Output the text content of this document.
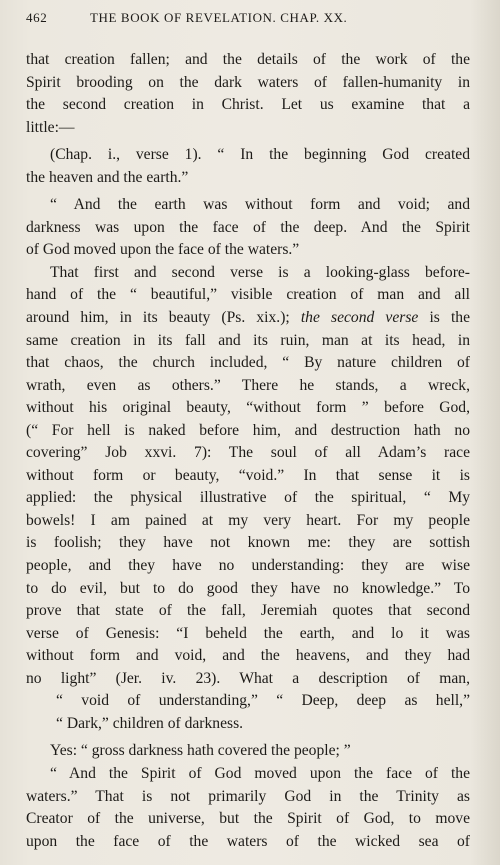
462	THE BOOK OF REVELATION. CHAP. XX.
that creation fallen; and the details of the work of the
Spirit brooding on the dark waters of fallen-humanity in
the second creation in Christ. Let us examine that a
little:—
(Chap. i., verse 1). “ In the beginning God created
the heaven and the earth.”
“ And the earth was without form and void; and
darkness was upon the face of the deep. And the Spirit
of God moved upon the face of the waters.”
That first and second verse is a looking-glass before-
hand of the “ beautiful,” visible creation of man and all
around him, in its beauty (Ps. xix.); the second verse is the
same creation in its fall and its ruin, man at its head, in
that chaos, the church included, “ By nature children of
wrath, even as others.” There he stands, a wreck,
without his original beauty, “without form ” before God,
(“ For hell is naked before him, and destruction hath no
covering” Job xxvi. 7): The soul of all Adam’s race
without form or beauty, “void.” In that sense it is
applied: the physical illustrative of the spiritual, “ My
bowels! I am pained at my very heart. For my people
is foolish; they have not known me: they are sottish
people, and they have no understanding: they are wise
to do evil, but to do good they have no knowledge.” To
prove that state of the fall, Jeremiah quotes that second
verse of Genesis: “I beheld the earth, and lo it was
without form and void, and the heavens, and they had
no light” (Jer. iv. 23). What a description of man,
“ void of understanding,” “ Deep, deep as hell,”
“ Dark,” children of darkness.
Yes: “ gross darkness hath covered the people; ”
“ And the Spirit of God moved upon the face of the
waters.” That is not primarily God in the Trinity as
Creator of the universe, but the Spirit of God, to move
upon the face of the waters of the wicked sea of
